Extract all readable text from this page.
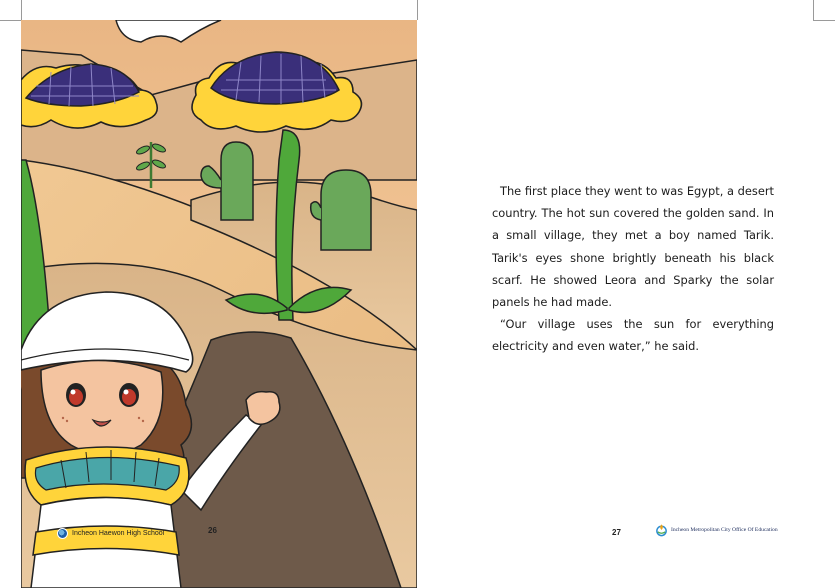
Incheon Haewon High School	26

The first place they went to was Egypt, a desert country. The hot sun covered the golden sand. In a small village, they met a boy named Tarik. Tarik's eyes shone brightly beneath his black scarf. He showed Leora and Sparky the solar panels he had made.

“Our village uses the sun for everything electricity and even water,” he said.

27	Incheon Metropolitan City Office Of Education
